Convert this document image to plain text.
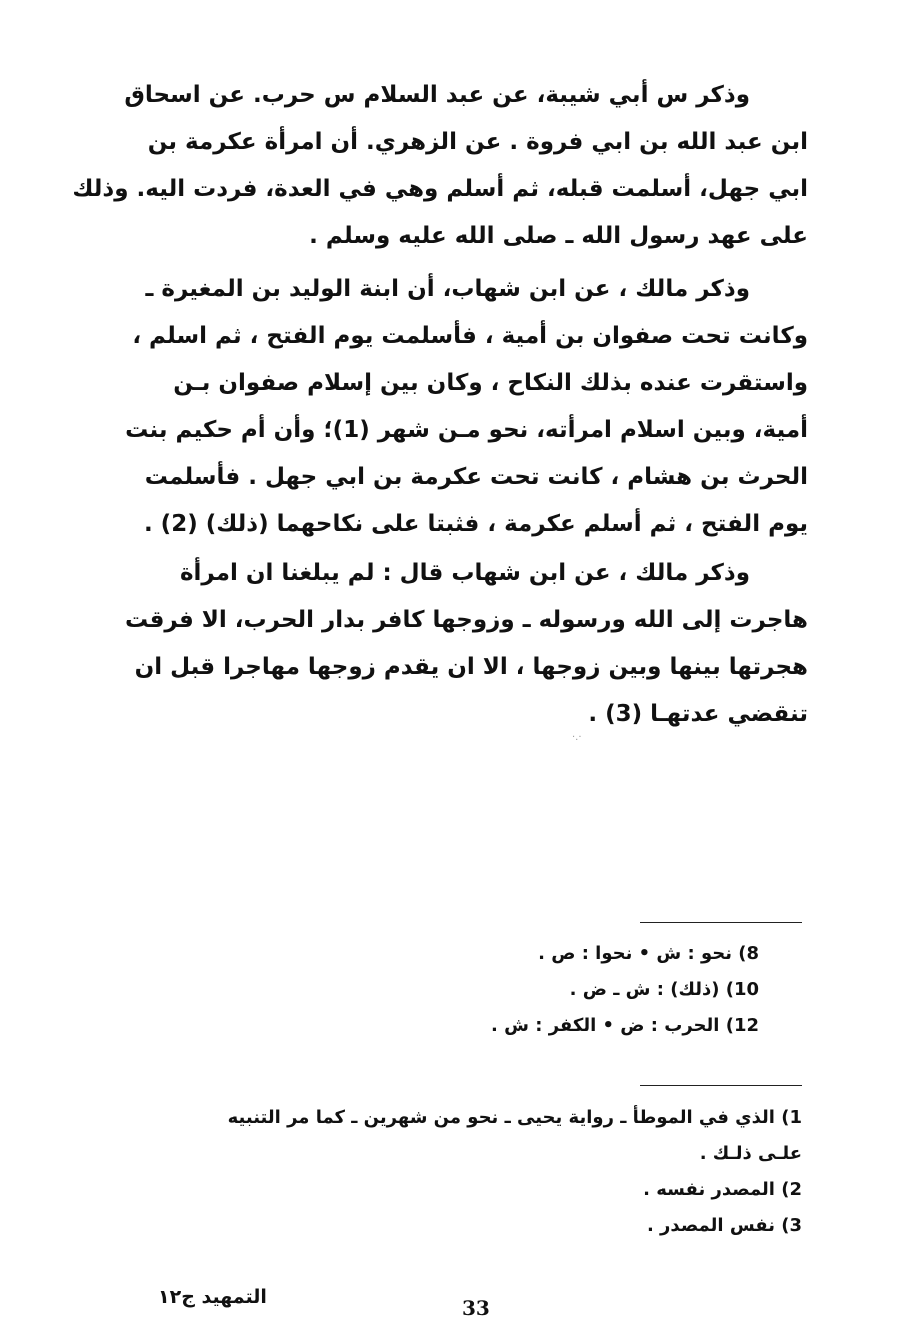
وذكر س أبي شيبة، عن عبد السلام س حرب. عن اسحاق
ابن عبد الله بن ابي فروة . عن الزهري. أن امرأة عكرمة بن
ابي جهل، أسلمت قبله، ثم أسلم وهي في العدة، فردت اليه. وذلك
على عهد رسول الله ـ صلى الله عليه وسلم .
وذكر مالك ، عن ابن شهاب، أن ابنة الوليد بن المغيرة ـ
وكانت تحت صفوان بن أمية ، فأسلمت يوم الفتح ، ثم اسلم ،
واستقرت عنده بذلك النكاح ، وكان بين إسلام صفوان بـن
أمية، وبين اسلام امرأته، نحو مـن شهر (1)؛ وأن أم حكيم بنت
الحرث بن هشام ، كانت تحت عكرمة بن ابي جهل . فأسلمت
يوم الفتح ، ثم أسلم عكرمة ، فثبتا على نكاحهما (ذلك) (2) .
وذكر مالك ، عن ابن شهاب قال : لم يبلغنا ان امرأة
هاجرت إلى الله ورسوله ـ وزوجها كافر بدار الحرب، الا فرقت
هجرتها بينها وبين زوجها ، الا ان يقدم زوجها مهاجرا قبل ان
تنقضي عدتهـا (3) .
·.·
8) نحو : ش • نحوا : ص .
10) (ذلك) : ش ـ ض .
12) الحرب : ض • الكفر : ش .
1) الذي في الموطأ ـ رواية يحيى ـ نحو من شهرين ـ كما مر التنبيه
علـى ذلـك .
2) المصدر نفسه .
3) نفس المصدر .
التمهيد ج١٢	33
